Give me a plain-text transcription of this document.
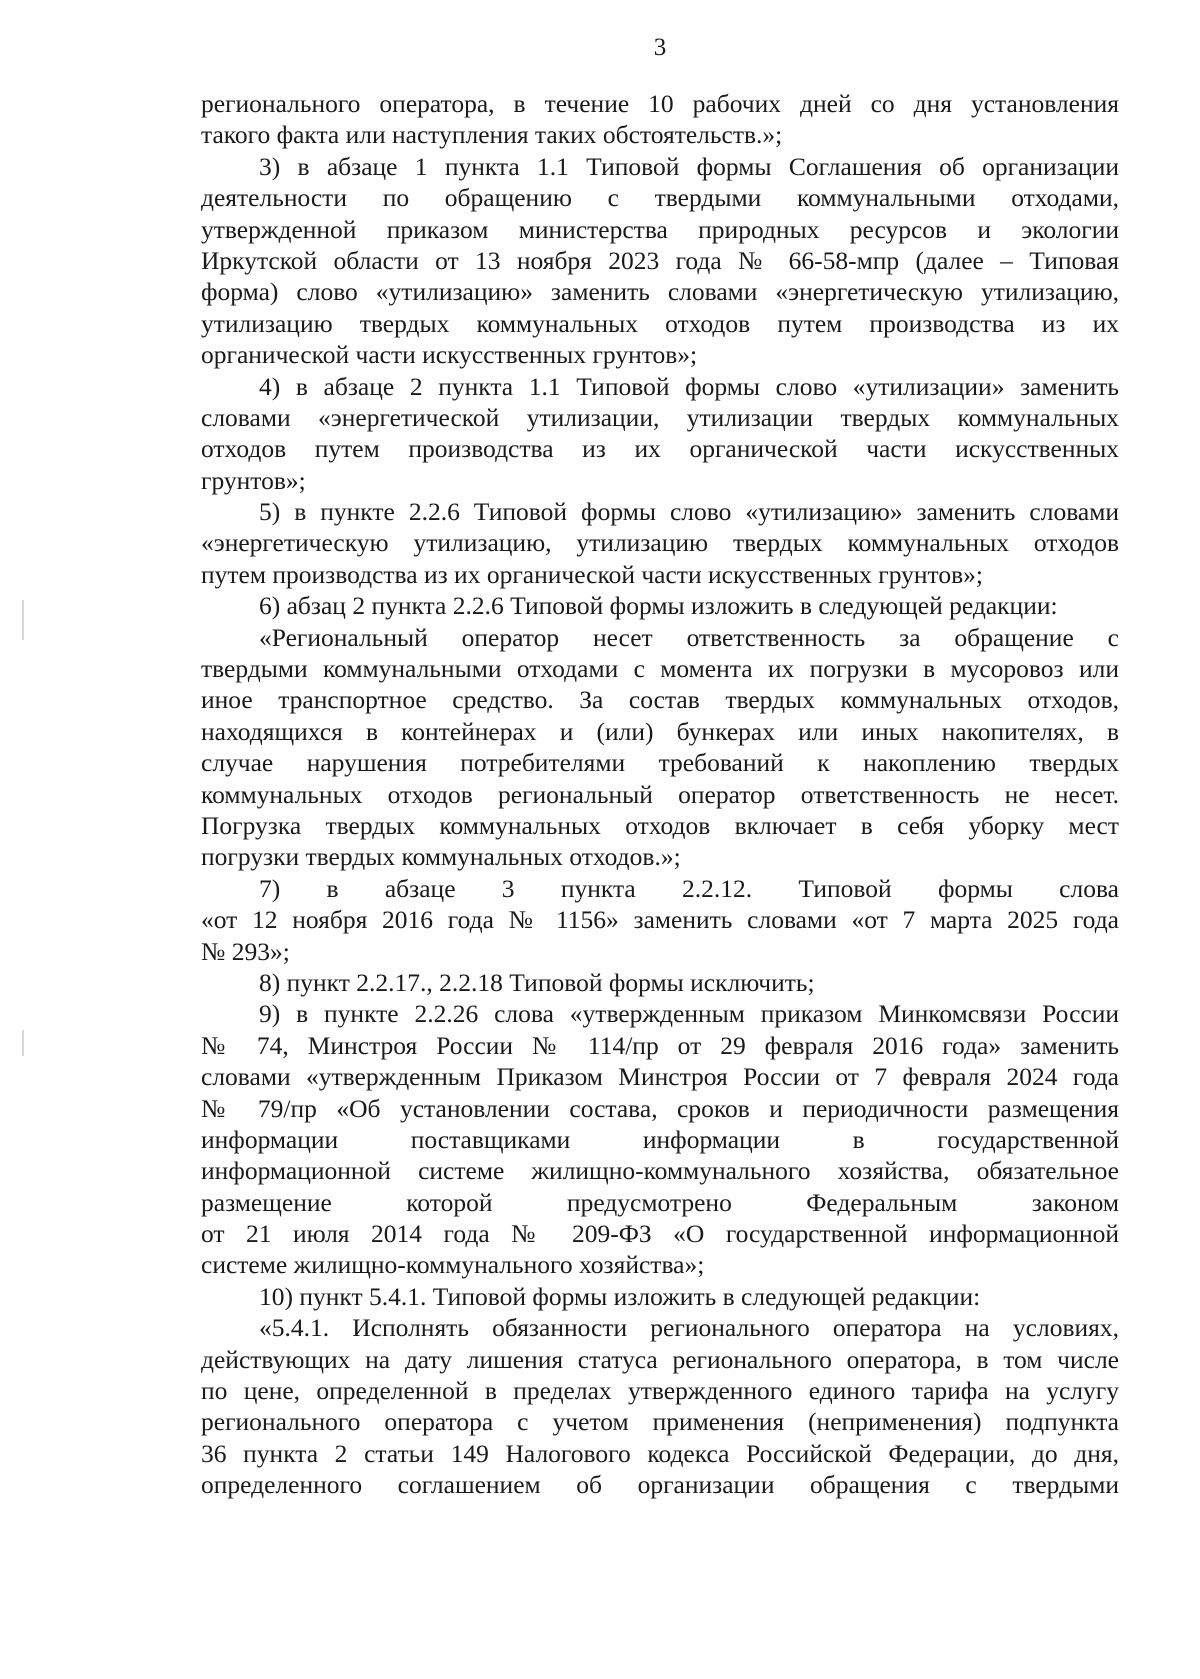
3
регионального оператора, в течение 10 рабочих дней со дня установления
такого факта или наступления таких обстоятельств.»;
3) в абзаце 1 пункта 1.1 Типовой формы Соглашения об организации
деятельности по обращению с твердыми коммунальными отходами,
утвержденной приказом министерства природных ресурсов и экологии
Иркутской области от 13 ноября 2023 года № 66-58-мпр (далее – Типовая
форма) слово «утилизацию» заменить словами «энергетическую утилизацию,
утилизацию твердых коммунальных отходов путем производства из их
органической части искусственных грунтов»;
4) в абзаце 2 пункта 1.1 Типовой формы слово «утилизации» заменить
словами «энергетической утилизации, утилизации твердых коммунальных
отходов путем производства из их органической части искусственных
грунтов»;
5) в пункте 2.2.6 Типовой формы слово «утилизацию» заменить словами
«энергетическую утилизацию, утилизацию твердых коммунальных отходов
путем производства из их органической части искусственных грунтов»;
6) абзац 2 пункта 2.2.6 Типовой формы изложить в следующей редакции:
«Региональный оператор несет ответственность за обращение с
твердыми коммунальными отходами с момента их погрузки в мусоровоз или
иное транспортное средство. За состав твердых коммунальных отходов,
находящихся в контейнерах и (или) бункерах или иных накопителях, в
случае нарушения потребителями требований к накоплению твердых
коммунальных отходов региональный оператор ответственность не несет.
Погрузка твердых коммунальных отходов включает в себя уборку мест
погрузки твердых коммунальных отходов.»;
7) в абзаце 3 пункта 2.2.12. Типовой формы слова
«от 12 ноября 2016 года № 1156» заменить словами «от 7 марта 2025 года
№ 293»;
8) пункт 2.2.17., 2.2.18 Типовой формы исключить;
9) в пункте 2.2.26 слова «утвержденным приказом Минкомсвязи России
№ 74, Минстроя России № 114/пр от 29 февраля 2016 года» заменить
словами «утвержденным Приказом Минстроя России от 7 февраля 2024 года
№ 79/пр «Об установлении состава, сроков и периодичности размещения
информации поставщиками информации в государственной
информационной системе жилищно-коммунального хозяйства, обязательное
размещение которой предусмотрено Федеральным законом
от 21 июля 2014 года № 209-ФЗ «О государственной информационной
системе жилищно-коммунального хозяйства»;
10) пункт 5.4.1. Типовой формы изложить в следующей редакции:
«5.4.1. Исполнять обязанности регионального оператора на условиях,
действующих на дату лишения статуса регионального оператора, в том числе
по цене, определенной в пределах утвержденного единого тарифа на услугу
регионального оператора с учетом применения (неприменения) подпункта
36 пункта 2 статьи 149 Налогового кодекса Российской Федерации, до дня,
определенного соглашением об организации обращения с твердыми
